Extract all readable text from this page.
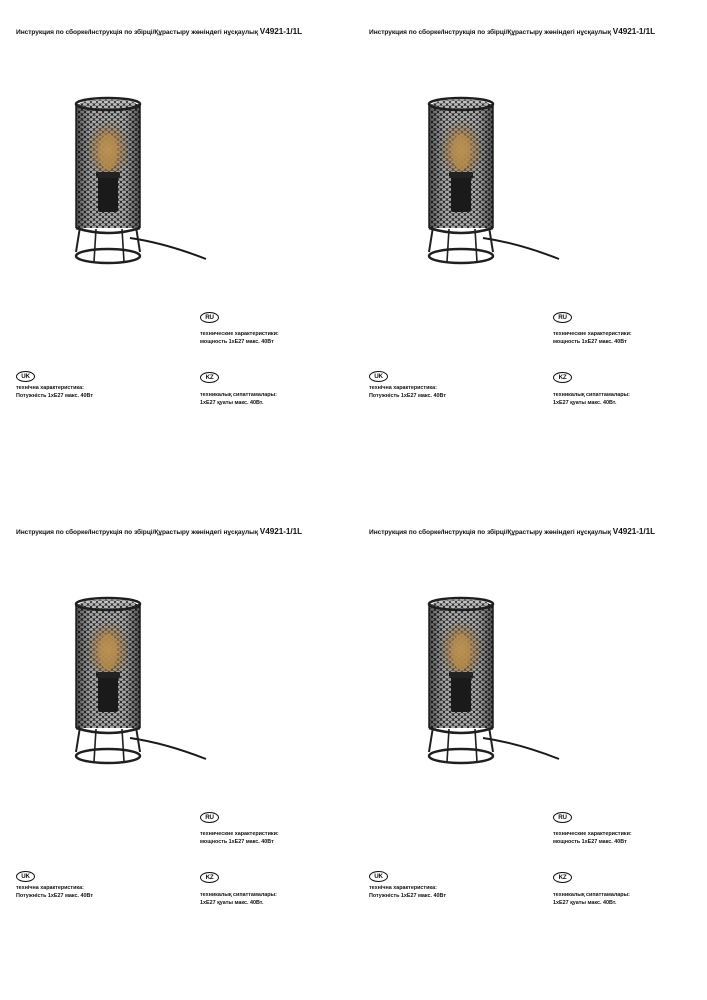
Инструкция по сборке/Інструкція по збірці/Құрастыру жөніндегі нұсқаулық V4921-1/1L
RU
технические характеристики:
мощность 1хЕ27 макс. 40Вт
UK
технічна характеристика:
Потужність 1хЕ27 макс. 40Вт
KZ
техникалық сипаттамалары:
1хЕ27 қуаты макс. 40Вт.
Инструкция по сборке/Інструкція по збірці/Құрастыру жөніндегі нұсқаулық V4921-1/1L
RU
технические характеристики:
мощность 1хЕ27 макс. 40Вт
UK
технічна характеристика:
Потужність 1хЕ27 макс. 40Вт
KZ
техникалық сипаттамалары:
1хЕ27 қуаты макс. 40Вт.
Инструкция по сборке/Інструкція по збірці/Құрастыру жөніндегі нұсқаулық V4921-1/1L
RU
технические характеристики:
мощность 1хЕ27 макс. 40Вт
UK
технічна характеристика:
Потужність 1хЕ27 макс. 40Вт
KZ
техникалық сипаттамалары:
1хЕ27 қуаты макс. 40Вт.
Инструкция по сборке/Інструкція по збірці/Құрастыру жөніндегі нұсқаулық V4921-1/1L
RU
технические характеристики:
мощность 1хЕ27 макс. 40Вт
UK
технічна характеристика:
Потужність 1хЕ27 макс. 40Вт
KZ
техникалық сипаттамалары:
1хЕ27 қуаты макс. 40Вт.
